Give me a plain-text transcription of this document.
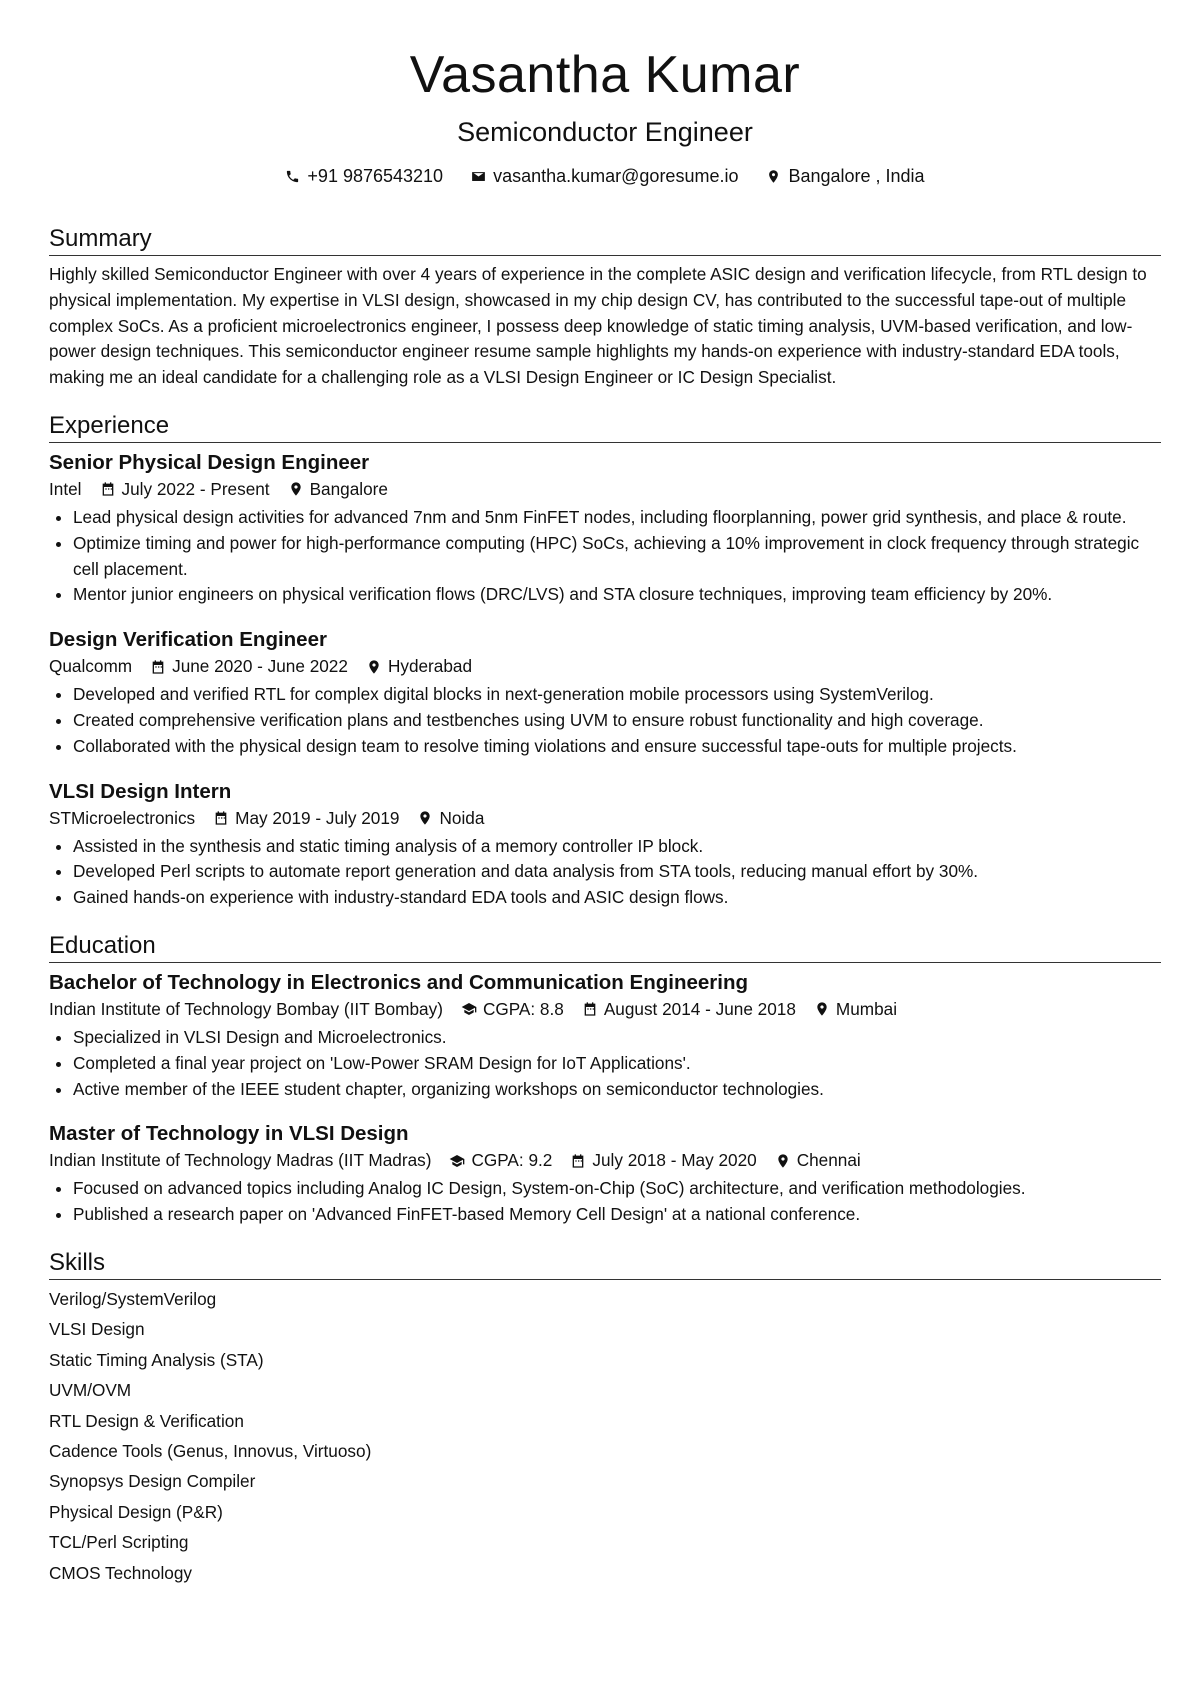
Vasantha Kumar
Semiconductor Engineer
+91 9876543210	vasantha.kumar@goresume.io	Bangalore , India
Summary
Highly skilled Semiconductor Engineer with over 4 years of experience in the complete ASIC design and verification lifecycle, from RTL design to physical implementation. My expertise in VLSI design, showcased in my chip design CV, has contributed to the successful tape-out of multiple complex SoCs. As a proficient microelectronics engineer, I possess deep knowledge of static timing analysis, UVM-based verification, and low-power design techniques. This semiconductor engineer resume sample highlights my hands-on experience with industry-standard EDA tools, making me an ideal candidate for a challenging role as a VLSI Design Engineer or IC Design Specialist.
Experience
Senior Physical Design Engineer
Intel July 2022 - Present Bangalore
• Lead physical design activities for advanced 7nm and 5nm FinFET nodes, including floorplanning, power grid synthesis, and place & route.
• Optimize timing and power for high-performance computing (HPC) SoCs, achieving a 10% improvement in clock frequency through strategic cell placement.
• Mentor junior engineers on physical verification flows (DRC/LVS) and STA closure techniques, improving team efficiency by 20%.
Design Verification Engineer
Qualcomm June 2020 - June 2022 Hyderabad
• Developed and verified RTL for complex digital blocks in next-generation mobile processors using SystemVerilog.
• Created comprehensive verification plans and testbenches using UVM to ensure robust functionality and high coverage.
• Collaborated with the physical design team to resolve timing violations and ensure successful tape-outs for multiple projects.
VLSI Design Intern
STMicroelectronics May 2019 - July 2019 Noida
• Assisted in the synthesis and static timing analysis of a memory controller IP block.
• Developed Perl scripts to automate report generation and data analysis from STA tools, reducing manual effort by 30%.
• Gained hands-on experience with industry-standard EDA tools and ASIC design flows.
Education
Bachelor of Technology in Electronics and Communication Engineering
Indian Institute of Technology Bombay (IIT Bombay) CGPA: 8.8 August 2014 - June 2018 Mumbai
• Specialized in VLSI Design and Microelectronics.
• Completed a final year project on 'Low-Power SRAM Design for IoT Applications'.
• Active member of the IEEE student chapter, organizing workshops on semiconductor technologies.
Master of Technology in VLSI Design
Indian Institute of Technology Madras (IIT Madras) CGPA: 9.2 July 2018 - May 2020 Chennai
• Focused on advanced topics including Analog IC Design, System-on-Chip (SoC) architecture, and verification methodologies.
• Published a research paper on 'Advanced FinFET-based Memory Cell Design' at a national conference.
Skills
Verilog/SystemVerilog
VLSI Design
Static Timing Analysis (STA)
UVM/OVM
RTL Design & Verification
Cadence Tools (Genus, Innovus, Virtuoso)
Synopsys Design Compiler
Physical Design (P&R)
TCL/Perl Scripting
CMOS Technology
